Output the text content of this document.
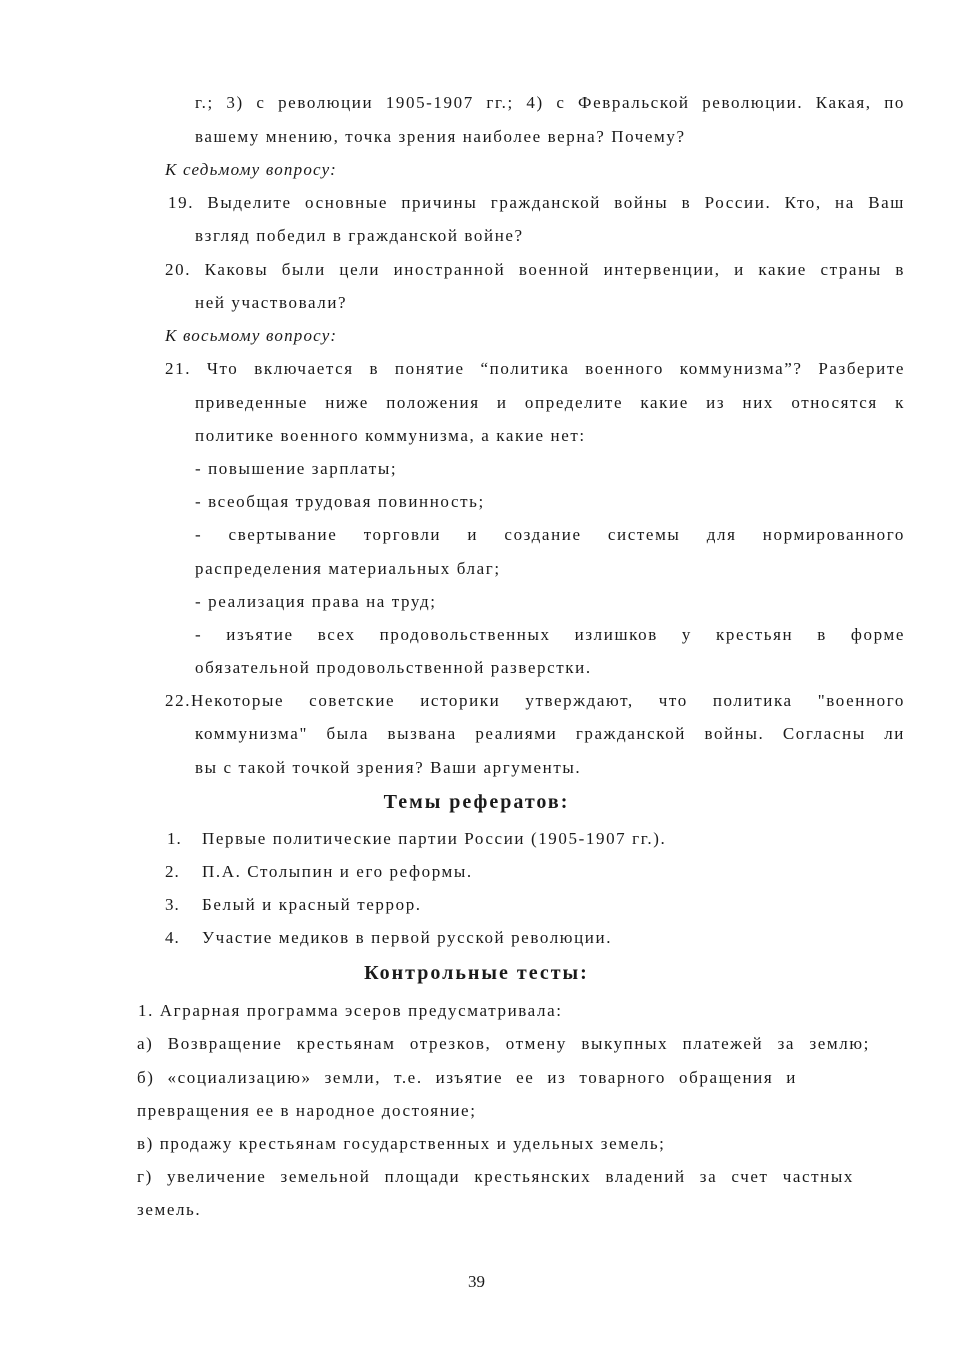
г.; 3) с революции 1905-1907 гг.; 4) с Февральской революции. Какая, по
вашему мнению, точка зрения наиболее верна? Почему?
К седьмому вопросу:
19. Выделите основные причины гражданской войны в России. Кто, на Ваш
взгляд победил в гражданской войне?
20. Каковы были цели иностранной военной интервенции, и какие страны в
ней участвовали?
К восьмому вопросу:
21. Что включается в понятие “политика военного коммунизма”? Разберите
приведенные ниже положения и определите какие из них относятся к
политике военного коммунизма, а какие нет:
- повышение зарплаты;
- всеобщая трудовая повинность;
- свертывание торговли и создание системы для нормированного
распределения материальных благ;
- реализация права на труд;
- изъятие всех продовольственных излишков у крестьян в форме
обязательной продовольственной разверстки.
22.Некоторые советские историки утверждают, что политика "военного
коммунизма" была вызвана реалиями гражданской войны. Согласны ли
вы с такой точкой зрения? Ваши аргументы.
Темы рефератов:
1. Первые политические партии России (1905-1907 гг.).
2. П.А. Столыпин и его реформы.
3. Белый и красный террор.
4. Участие медиков в первой русской революции.
Контрольные тесты:
1. Аграрная программа эсеров предусматривала:
а) Возвращение крестьянам отрезков, отмену выкупных платежей за землю;
б) «социализацию» земли, т.е. изъятие ее из товарного обращения и
превращения ее в народное достояние;
в) продажу крестьянам государственных и удельных земель;
г) увеличение земельной площади крестьянских владений за счет частных
земель.
39
